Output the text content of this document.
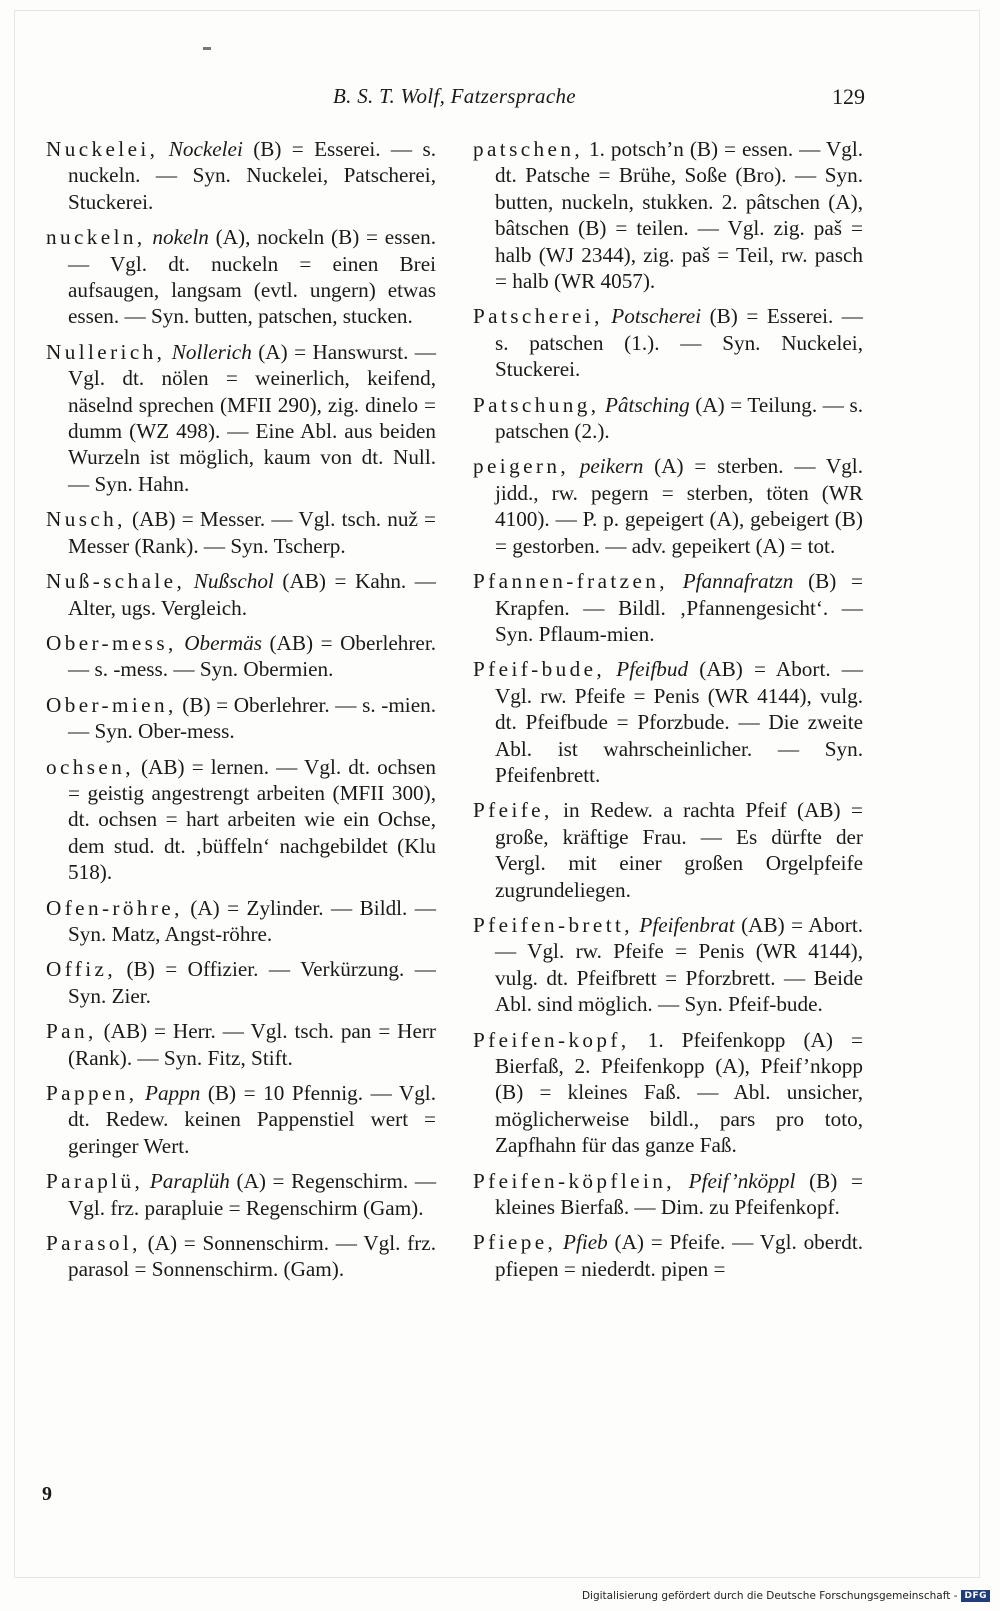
B. S. T. Wolf, Fatzersprache	129

Nuckelei, Nockelei (B) = Esserei. — s. nuckeln. — Syn. Nuckelei, Patscherei, Stuckerei.

nuckeln, nokeln (A), nockeln (B) = essen. — Vgl. dt. nuckeln = einen Brei aufsaugen, langsam (evtl. ungern) etwas essen. — Syn. butten, patschen, stucken.

Nullerich, Nollerich (A) = Hanswurst. — Vgl. dt. nölen = weinerlich, keifend, näselnd sprechen (MFII 290), zig. dinelo = dumm (WZ 498). — Eine Abl. aus beiden Wurzeln ist möglich, kaum von dt. Null. — Syn. Hahn.

Nusch, (AB) = Messer. — Vgl. tsch. nuž = Messer (Rank). — Syn. Tscherp.

Nuß-schale, Nußschol (AB) = Kahn. — Alter, ugs. Vergleich.

Ober-mess, Obermäs (AB) = Oberlehrer. — s. -mess. — Syn. Obermien.

Ober-mien, (B) = Oberlehrer. — s. -mien. — Syn. Ober-mess.

ochsen, (AB) = lernen. — Vgl. dt. ochsen = geistig angestrengt arbeiten (MFII 300), dt. ochsen = hart arbeiten wie ein Ochse, dem stud. dt. ‚büffeln‘ nachgebildet (Klu 518).

Ofen-röhre, (A) = Zylinder. — Bildl. — Syn. Matz, Angst-röhre.

Offiz, (B) = Offizier. — Verkürzung. — Syn. Zier.

Pan, (AB) = Herr. — Vgl. tsch. pan = Herr (Rank). — Syn. Fitz, Stift.

Pappen, Pappn (B) = 10 Pfennig. — Vgl. dt. Redew. keinen Pappenstiel wert = geringer Wert.

Paraplü, Paraplüh (A) = Regenschirm. — Vgl. frz. parapluie = Regenschirm (Gam).

Parasol, (A) = Sonnenschirm. — Vgl. frz. parasol = Sonnenschirm. (Gam).

patschen, 1. potsch’n (B) = essen. — Vgl. dt. Patsche = Brühe, Soße (Bro). — Syn. butten, nuckeln, stukken. 2. pâtschen (A), bâtschen (B) = teilen. — Vgl. zig. paš = halb (WJ 2344), zig. paš = Teil, rw. pasch = halb (WR 4057).

Patscherei, Potscherei (B) = Esserei. — s. patschen (1.). — Syn. Nuckelei, Stuckerei.

Patschung, Pâtsching (A) = Teilung. — s. patschen (2.).

peigern, peikern (A) = sterben. — Vgl. jidd., rw. pegern = sterben, töten (WR 4100). — P. p. gepeigert (A), gebeigert (B) = gestorben. — adv. gepeikert (A) = tot.

Pfannen-fratzen, Pfannafratzn (B) = Krapfen. — Bildl. ‚Pfannengesicht‘. — Syn. Pflaum-mien.

Pfeif-bude, Pfeifbud (AB) = Abort. — Vgl. rw. Pfeife = Penis (WR 4144), vulg. dt. Pfeifbude = Pforzbude. — Die zweite Abl. ist wahrscheinlicher. — Syn. Pfeifenbrett.

Pfeife, in Redew. a rachta Pfeif (AB) = große, kräftige Frau. — Es dürfte der Vergl. mit einer großen Orgelpfeife zugrundeliegen.

Pfeifen-brett, Pfeifenbrat (AB) = Abort. — Vgl. rw. Pfeife = Penis (WR 4144), vulg. dt. Pfeifbrett = Pforzbrett. — Beide Abl. sind möglich. — Syn. Pfeif-bude.

Pfeifen-kopf, 1. Pfeifenkopp (A) = Bierfaß, 2. Pfeifenkopp (A), Pfeif’nkopp (B) = kleines Faß. — Abl. unsicher, möglicherweise bildl., pars pro toto, Zapfhahn für das ganze Faß.

Pfeifen-köpflein, Pfeif’nköppl (B) = kleines Bierfaß. — Dim. zu Pfeifenkopf.

Pfiepe, Pfieb (A) = Pfeife. — Vgl. oberdt. pfiepen = niederdt. pipen =

9
Digitalisierung gefördert durch die Deutsche Forschungsgemeinschaft - DFG
